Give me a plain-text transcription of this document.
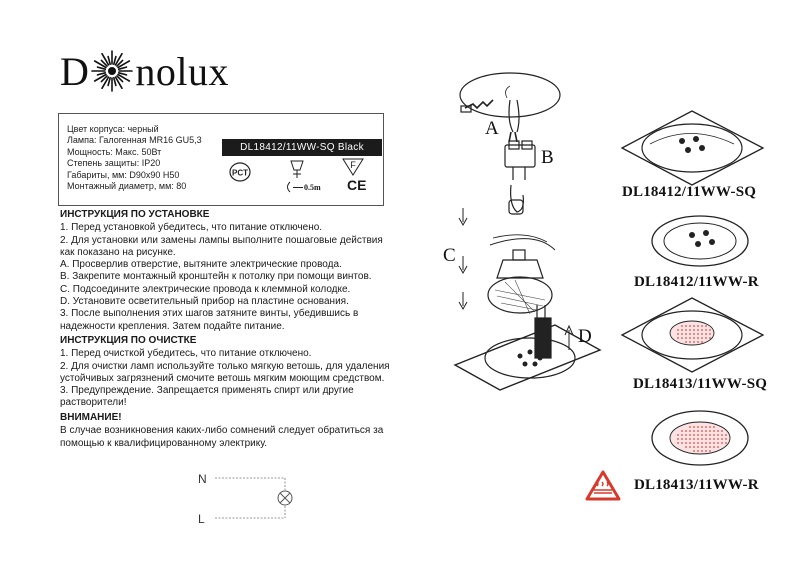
D nolux
Цвет корпуса: черный
Лампа: Галогенная MR16 GU5,3
Мощность: Макс. 50Вт
Степень защиты: IP20
Габариты, мм: D90х90 H50
Монтажный диаметр, мм: 80
DL18412/11WW-SQ Black
F
PCT
0.5m CE
ИНСТРУКЦИЯ ПО УСТАНОВКЕ

1. Перед установкой убедитесь, что питание отключено.

2. Для установки или замены лампы выполните пошаговые действия

как показано на рисунке.

A. Просверлив отверстие, вытяните электрические провода.

B. Закрепите монтажный кронштейн к потолку при помощи винтов.

C. Подсоедините электрические провода к клеммной колодке.

D. Установите осветительный прибор на пластине основания.

3. После выполнения этих шагов затяните винты, убедившись в

надежности крепления. Затем подайте питание.

ИНСТРУКЦИЯ ПО ОЧИСТКЕ

1. Перед очисткой убедитесь, что питание отключено.

2. Для очистки ламп используйте только мягкую ветошь, для удаления

устойчивых загрязнений смочите ветошь мягким моющим средством.

3. Предупреждение. Запрещается применять спирт или другие

растворители!

ВНИМАНИЕ!

В случае возникновения каких-либо сомнений следует обратиться за

помощью к квалифицированному электрику.

N
L
A
B
C
D
DL18412/11WW-SQ
DL18412/11WW-R
DL18413/11WW-SQ
DL18413/11WW-R
